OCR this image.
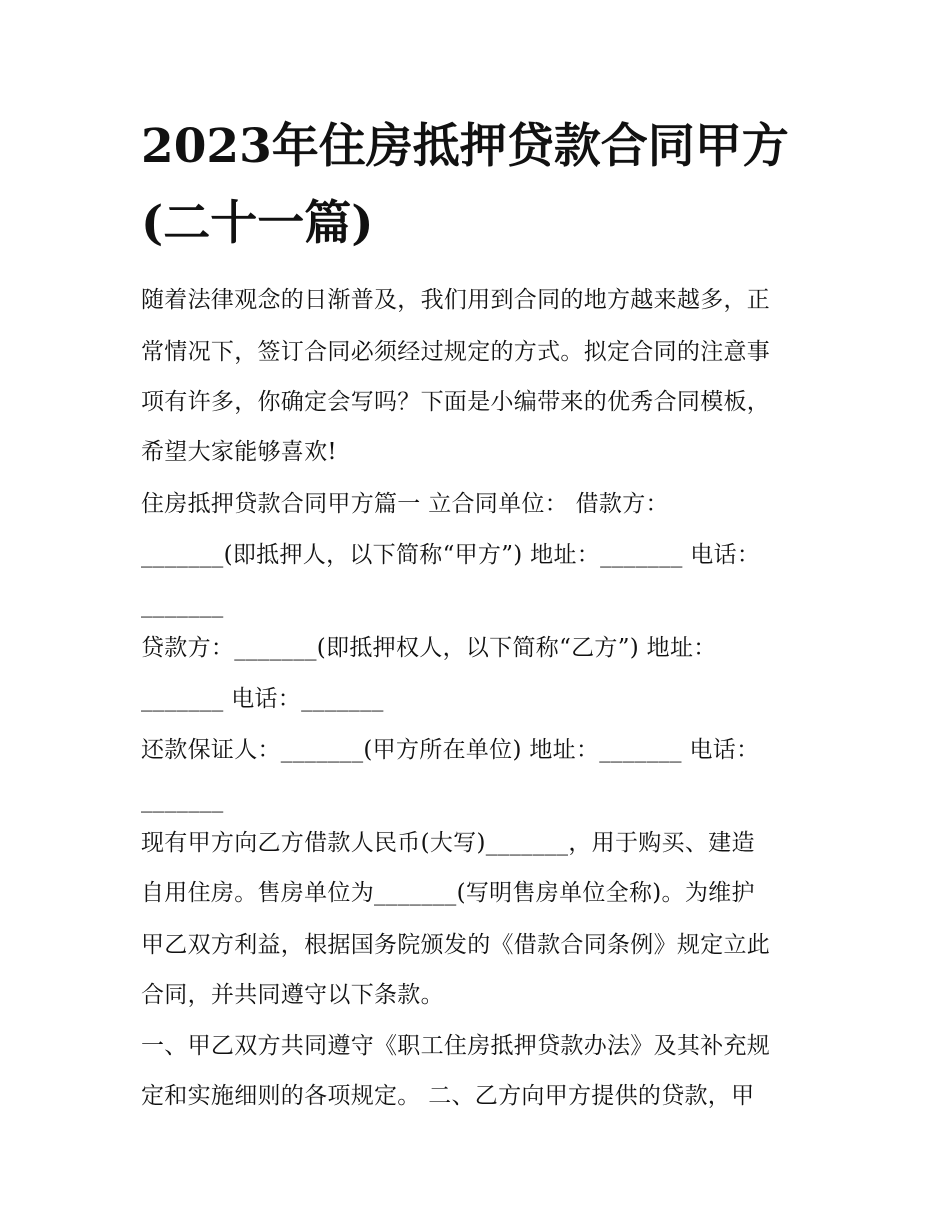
2023年住房抵押贷款合同甲方
(二十一篇)

随着法律观念的日渐普及，我们用到合同的地方越来越多，正

常情况下，签订合同必须经过规定的方式。拟定合同的注意事

项有许多，你确定会写吗？下面是小编带来的优秀合同模板，

希望大家能够喜欢!

住房抵押贷款合同甲方篇一 立合同单位： 借款方：

_______(即抵押人，以下简称“甲方”) 地址：_______ 电话：

_______

贷款方：_______(即抵押权人，以下简称“乙方”) 地址：

_______ 电话：_______

还款保证人：_______(甲方所在单位) 地址：_______ 电话：

_______

现有甲方向乙方借款人民币(大写)_______，用于购买、建造

自用住房。售房单位为_______(写明售房单位全称)。为维护

甲乙双方利益，根据国务院颁发的《借款合同条例》规定立此

合同，并共同遵守以下条款。

一、甲乙双方共同遵守《职工住房抵押贷款办法》及其补充规

定和实施细则的各项规定。 二、乙方向甲方提供的贷款，甲
